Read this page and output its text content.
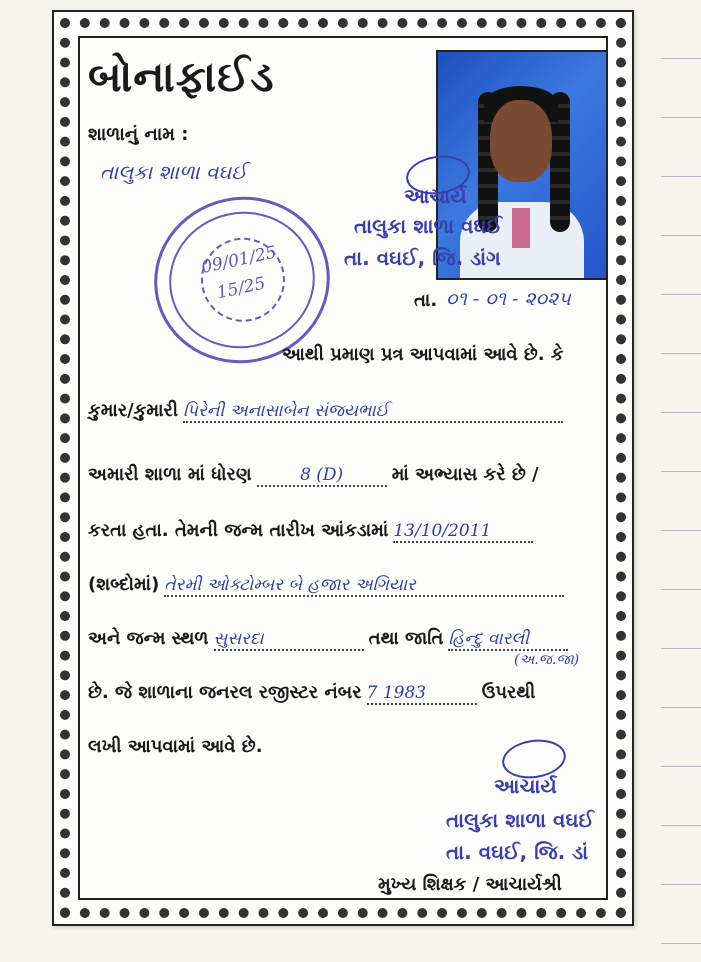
બોનાફાઈડ
શાળાનું નામ :
તાલુકા શાળા વઘઈ
આચાર્ય
તાલુકા શાળા વઘઈ
તા. વઘઈ, જિ. ડાંગ
09/01/25
15/25	તા. ૦૧ - ૦૧ - ૨૦૨૫
આથી પ્રમાણ પ્રત્ર આપવામાં આવે છે. કે
કુમાર/કુમારી પિરેની અનાસાબેન સંજયભાઈ
અમારી શાળા માં ધોરણ	8 (D)	માં અભ્યાસ કરે છે /
કરતા હતા. તેમની જન્મ તારીખ આંકડામાં 13/10/2011
(શબ્દોમાં) તેરમી ઓક્ટોમ્બર બે હજાર અગિયાર
અને જન્મ સ્થળ સુસરદા	તથા જાતિ હિન્દુ વારલી
(અ.જ.જા)
છે. જે શાળાના જનરલ રજીસ્ટર નંબર 7 1983	ઉપરથી
લખી આપવામાં આવે છે.
આચાર્ય
તાલુકા શાળા વઘઈ
તા. વઘઈ, જિ. ડાં
મુખ્ય શિક્ષક / આચાર્યશ્રી
